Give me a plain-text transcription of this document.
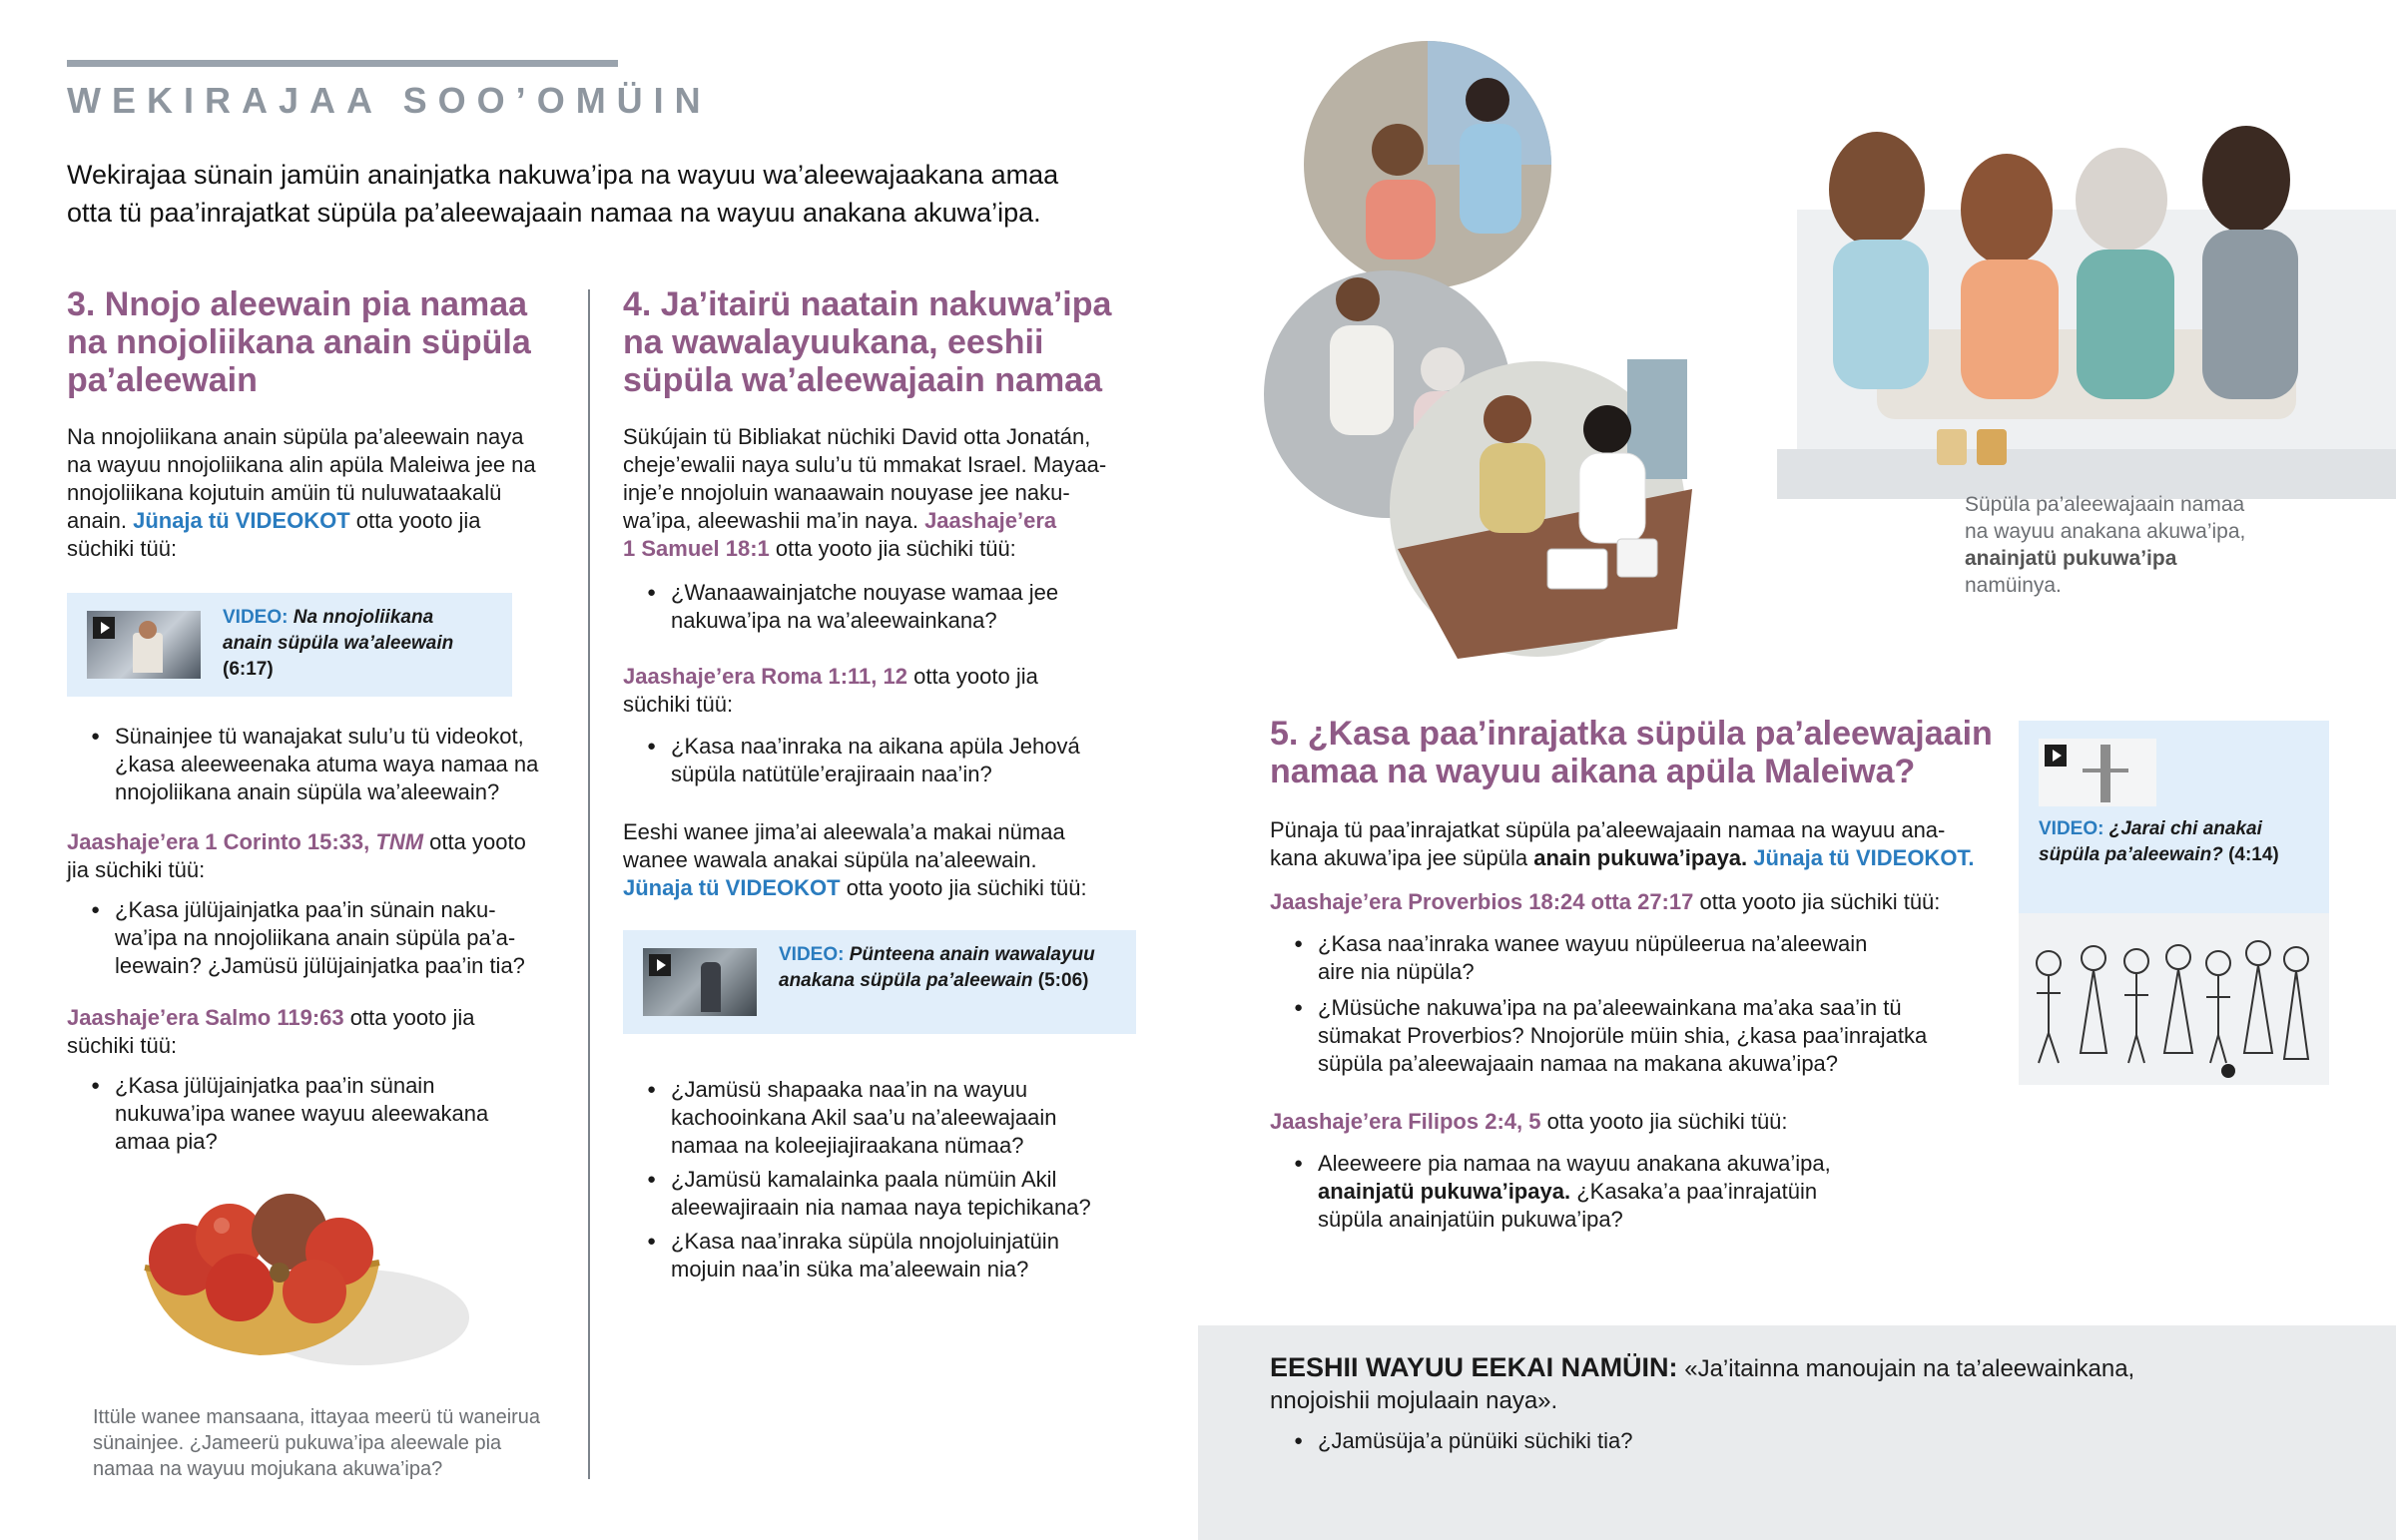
WEKIRAJAA SOO’OMÜIN
Wekirajaa sünain jamüin anainjatka nakuwa’ipa na wayuu wa’aleewajaakana amaa
otta tü paa’inrajatkat süpüla pa’aleewajaain namaa na wayuu anakana akuwa’ipa.
3. Nnojo aleewain pia namaa
na nnojoliikana anain süpüla
pa’aleewain
Na nnojoliikana anain süpüla pa’aleewain naya
na wayuu nnojoliikana alin apüla Maleiwa jee na
nnojoliikana kojutuin amüin tü nuluwataakalü
anain. Jünaja tü VIDEOKOT otta yooto jia
süchiki tüü:
VIDEO: Na nnojoliikana
anain süpüla wa’aleewain
(6:17)
● Sünainjee tü wanajakat sulu’u tü videokot,
¿kasa aleeweenaka atuma waya namaa na
nnojoliikana anain süpüla wa’aleewain?
Jaashaje’era 1 Corinto 15:33, TNM otta yooto
jia süchiki tüü:
● ¿Kasa jülüjainjatka paa’in sünain naku-
wa’ipa na nnojoliikana anain süpüla pa’a-
leewain? ¿Jamüsü jülüjainjatka paa’in tia?
Jaashaje’era Salmo 119:63 otta yooto jia
süchiki tüü:
● ¿Kasa jülüjainjatka paa’in sünain
nukuwa’ipa wanee wayuu aleewakana
amaa pia?
Ittüle wanee mansaana, ittayaa meerü tü waneirua
sünainjee. ¿Jameerü pukuwa’ipa aleewale pia
namaa na wayuu mojukana akuwa’ipa?
4. Ja’itairü naatain nakuwa’ipa
na wawalayuukana, eeshii
süpüla wa’aleewajaain namaa
Sükújain tü Bibliakat nüchiki David otta Jonatán,
cheje’ewalii naya sulu’u tü mmakat Israel. Mayaa-
inje’e nnojoluin wanaawain nouyase jee naku-
wa’ipa, aleewashii ma’in naya. Jaashaje’era
1 Samuel 18:1 otta yooto jia süchiki tüü:
● ¿Wanaawainjatche nouyase wamaa jee
nakuwa’ipa na wa’aleewainkana?
Jaashaje’era Roma 1:11, 12 otta yooto jia
süchiki tüü:
● ¿Kasa naa’inraka na aikana apüla Jehová
süpüla natütüle’erajiraain naa’in?
Eeshi wanee jima’ai aleewala’a makai nümaa
wanee wawala anakai süpüla na’aleewain.
Jünaja tü VIDEOKOT otta yooto jia süchiki tüü:
VIDEO: Pünteena anain wawalayuu
anakana süpüla pa’aleewain (5:06)
● ¿Jamüsü shapaaka naa’in na wayuu
kachooinkana Akil saa’u na’aleewajaain
namaa na koleejiajiraakana nümaa?
● ¿Jamüsü kamalainka paala nümüin Akil
aleewajiraain nia namaa naya tepichikana?
● ¿Kasa naa’inraka süpüla nnojoluinjatüin
mojuin naa’in süka ma’aleewain nia?
Süpüla pa’aleewajaain namaa
na wayuu anakana akuwa’ipa,
anainjatü pukuwa’ipa
namüinya.
5. ¿Kasa paa’inrajatka süpüla pa’aleewajaain
namaa na wayuu aikana apüla Maleiwa?
Pünaja tü paa’inrajatkat süpüla pa’aleewajaain namaa na wayuu ana-
kana akuwa’ipa jee süpüla anain pukuwa’ipaya. Jünaja tü VIDEOKOT.
Jaashaje’era Proverbios 18:24 otta 27:17 otta yooto jia süchiki tüü:
● ¿Kasa naa’inraka wanee wayuu nüpüleerua na’aleewain
aire nia nüpüla?
● ¿Müsüche nakuwa’ipa na pa’aleewainkana ma’aka saa’in tü
sümakat Proverbios? Nnojorüle müin shia, ¿kasa paa’inrajatka
süpüla pa’aleewajaain namaa na makana akuwa’ipa?
Jaashaje’era Filipos 2:4, 5 otta yooto jia süchiki tüü:
● Aleeweere pia namaa na wayuu anakana akuwa’ipa,
anainjatü pukuwa’ipaya. ¿Kasaka’a paa’inrajatüin
süpüla anainjatüin pukuwa’ipa?
VIDEO: ¿Jarai chi anakai
süpüla pa’aleewain? (4:14)
EESHII WAYUU EEKAI NAMÜIN: «Ja’itainna manoujain na ta’aleewainkana,
nnojoishii mojulaain naya».
● ¿Jamüsüja’a pünüiki süchiki tia?
